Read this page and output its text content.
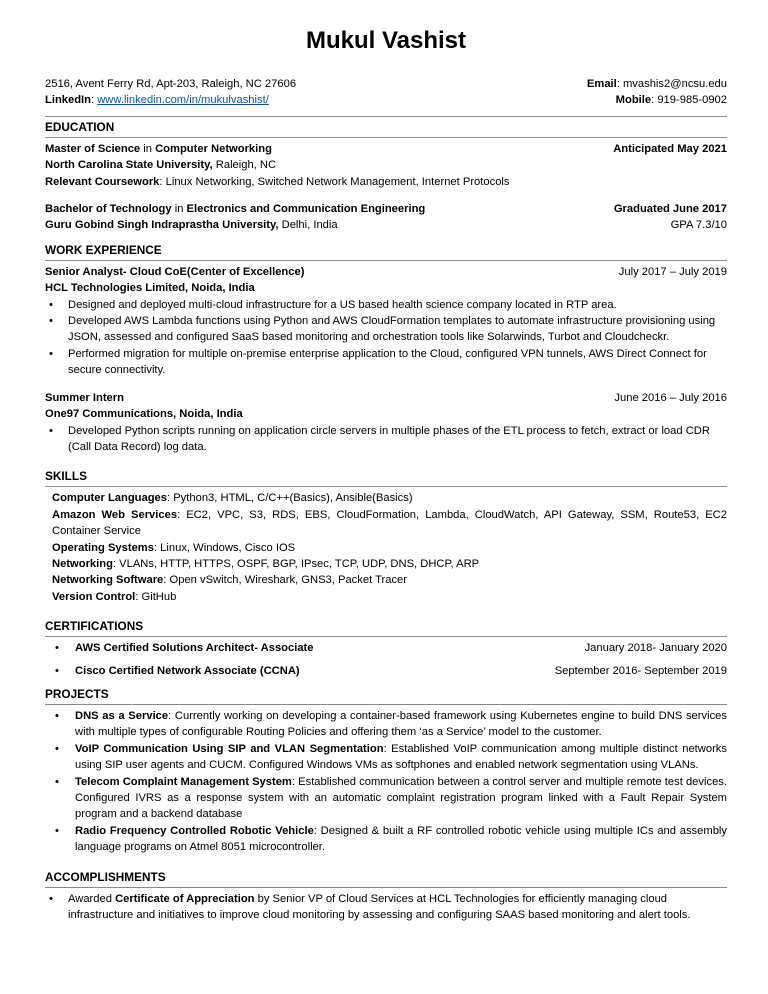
Mukul Vashist
2516, Avent Ferry Rd, Apt-203, Raleigh, NC 27606	Email: mvashis2@ncsu.edu
LinkedIn: www.linkedin.com/in/mukulvashist/	Mobile: 919-985-0902
EDUCATION
Master of Science in Computer Networking	Anticipated May 2021
North Carolina State University, Raleigh, NC
Relevant Coursework: Linux Networking, Switched Network Management, Internet Protocols
Bachelor of Technology in Electronics and Communication Engineering	Graduated June 2017
Guru Gobind Singh Indraprastha University, Delhi, India	GPA 7.3/10
WORK EXPERIENCE
Senior Analyst- Cloud CoE(Center of Excellence)	July 2017 – July 2019
HCL Technologies Limited, Noida, India
• Designed and deployed multi-cloud infrastructure for a US based health science company located in RTP area.
• Developed AWS Lambda functions using Python and AWS CloudFormation templates to automate infrastructure provisioning using JSON, assessed and configured SaaS based monitoring and orchestration tools like Solarwinds, Turbot and Cloudcheckr.
• Performed migration for multiple on-premise enterprise application to the Cloud, configured VPN tunnels, AWS Direct Connect for secure connectivity.
Summer Intern	June 2016 – July 2016
One97 Communications, Noida, India
• Developed Python scripts running on application circle servers in multiple phases of the ETL process to fetch, extract or load CDR (Call Data Record) log data.
SKILLS
Computer Languages: Python3, HTML, C/C++(Basics), Ansible(Basics)
Amazon Web Services: EC2, VPC, S3, RDS, EBS, CloudFormation, Lambda, CloudWatch, API Gateway, SSM, Route53, EC2 Container Service
Operating Systems: Linux, Windows, Cisco IOS
Networking: VLANs, HTTP, HTTPS, OSPF, BGP, IPsec, TCP, UDP, DNS, DHCP, ARP
Networking Software: Open vSwitch, Wireshark, GNS3, Packet Tracer
Version Control: GitHub
CERTIFICATIONS
• AWS Certified Solutions Architect- Associate	January 2018- January 2020
• Cisco Certified Network Associate (CCNA)	September 2016- September 2019
PROJECTS
• DNS as a Service: Currently working on developing a container-based framework using Kubernetes engine to build DNS services with multiple types of configurable Routing Policies and offering them ‘as a Service’ model to the customer.
• VoIP Communication Using SIP and VLAN Segmentation: Established VoIP communication among multiple distinct networks using SIP user agents and CUCM. Configured Windows VMs as softphones and enabled network segmentation using VLANs.
• Telecom Complaint Management System: Established communication between a control server and multiple remote test devices. Configured IVRS as a response system with an automatic complaint registration program linked with a Fault Repair System program and a backend database
• Radio Frequency Controlled Robotic Vehicle: Designed & built a RF controlled robotic vehicle using multiple ICs and assembly language programs on Atmel 8051 microcontroller.
ACCOMPLISHMENTS
• Awarded Certificate of Appreciation by Senior VP of Cloud Services at HCL Technologies for efficiently managing cloud infrastructure and initiatives to improve cloud monitoring by assessing and configuring SAAS based monitoring and alert tools.
